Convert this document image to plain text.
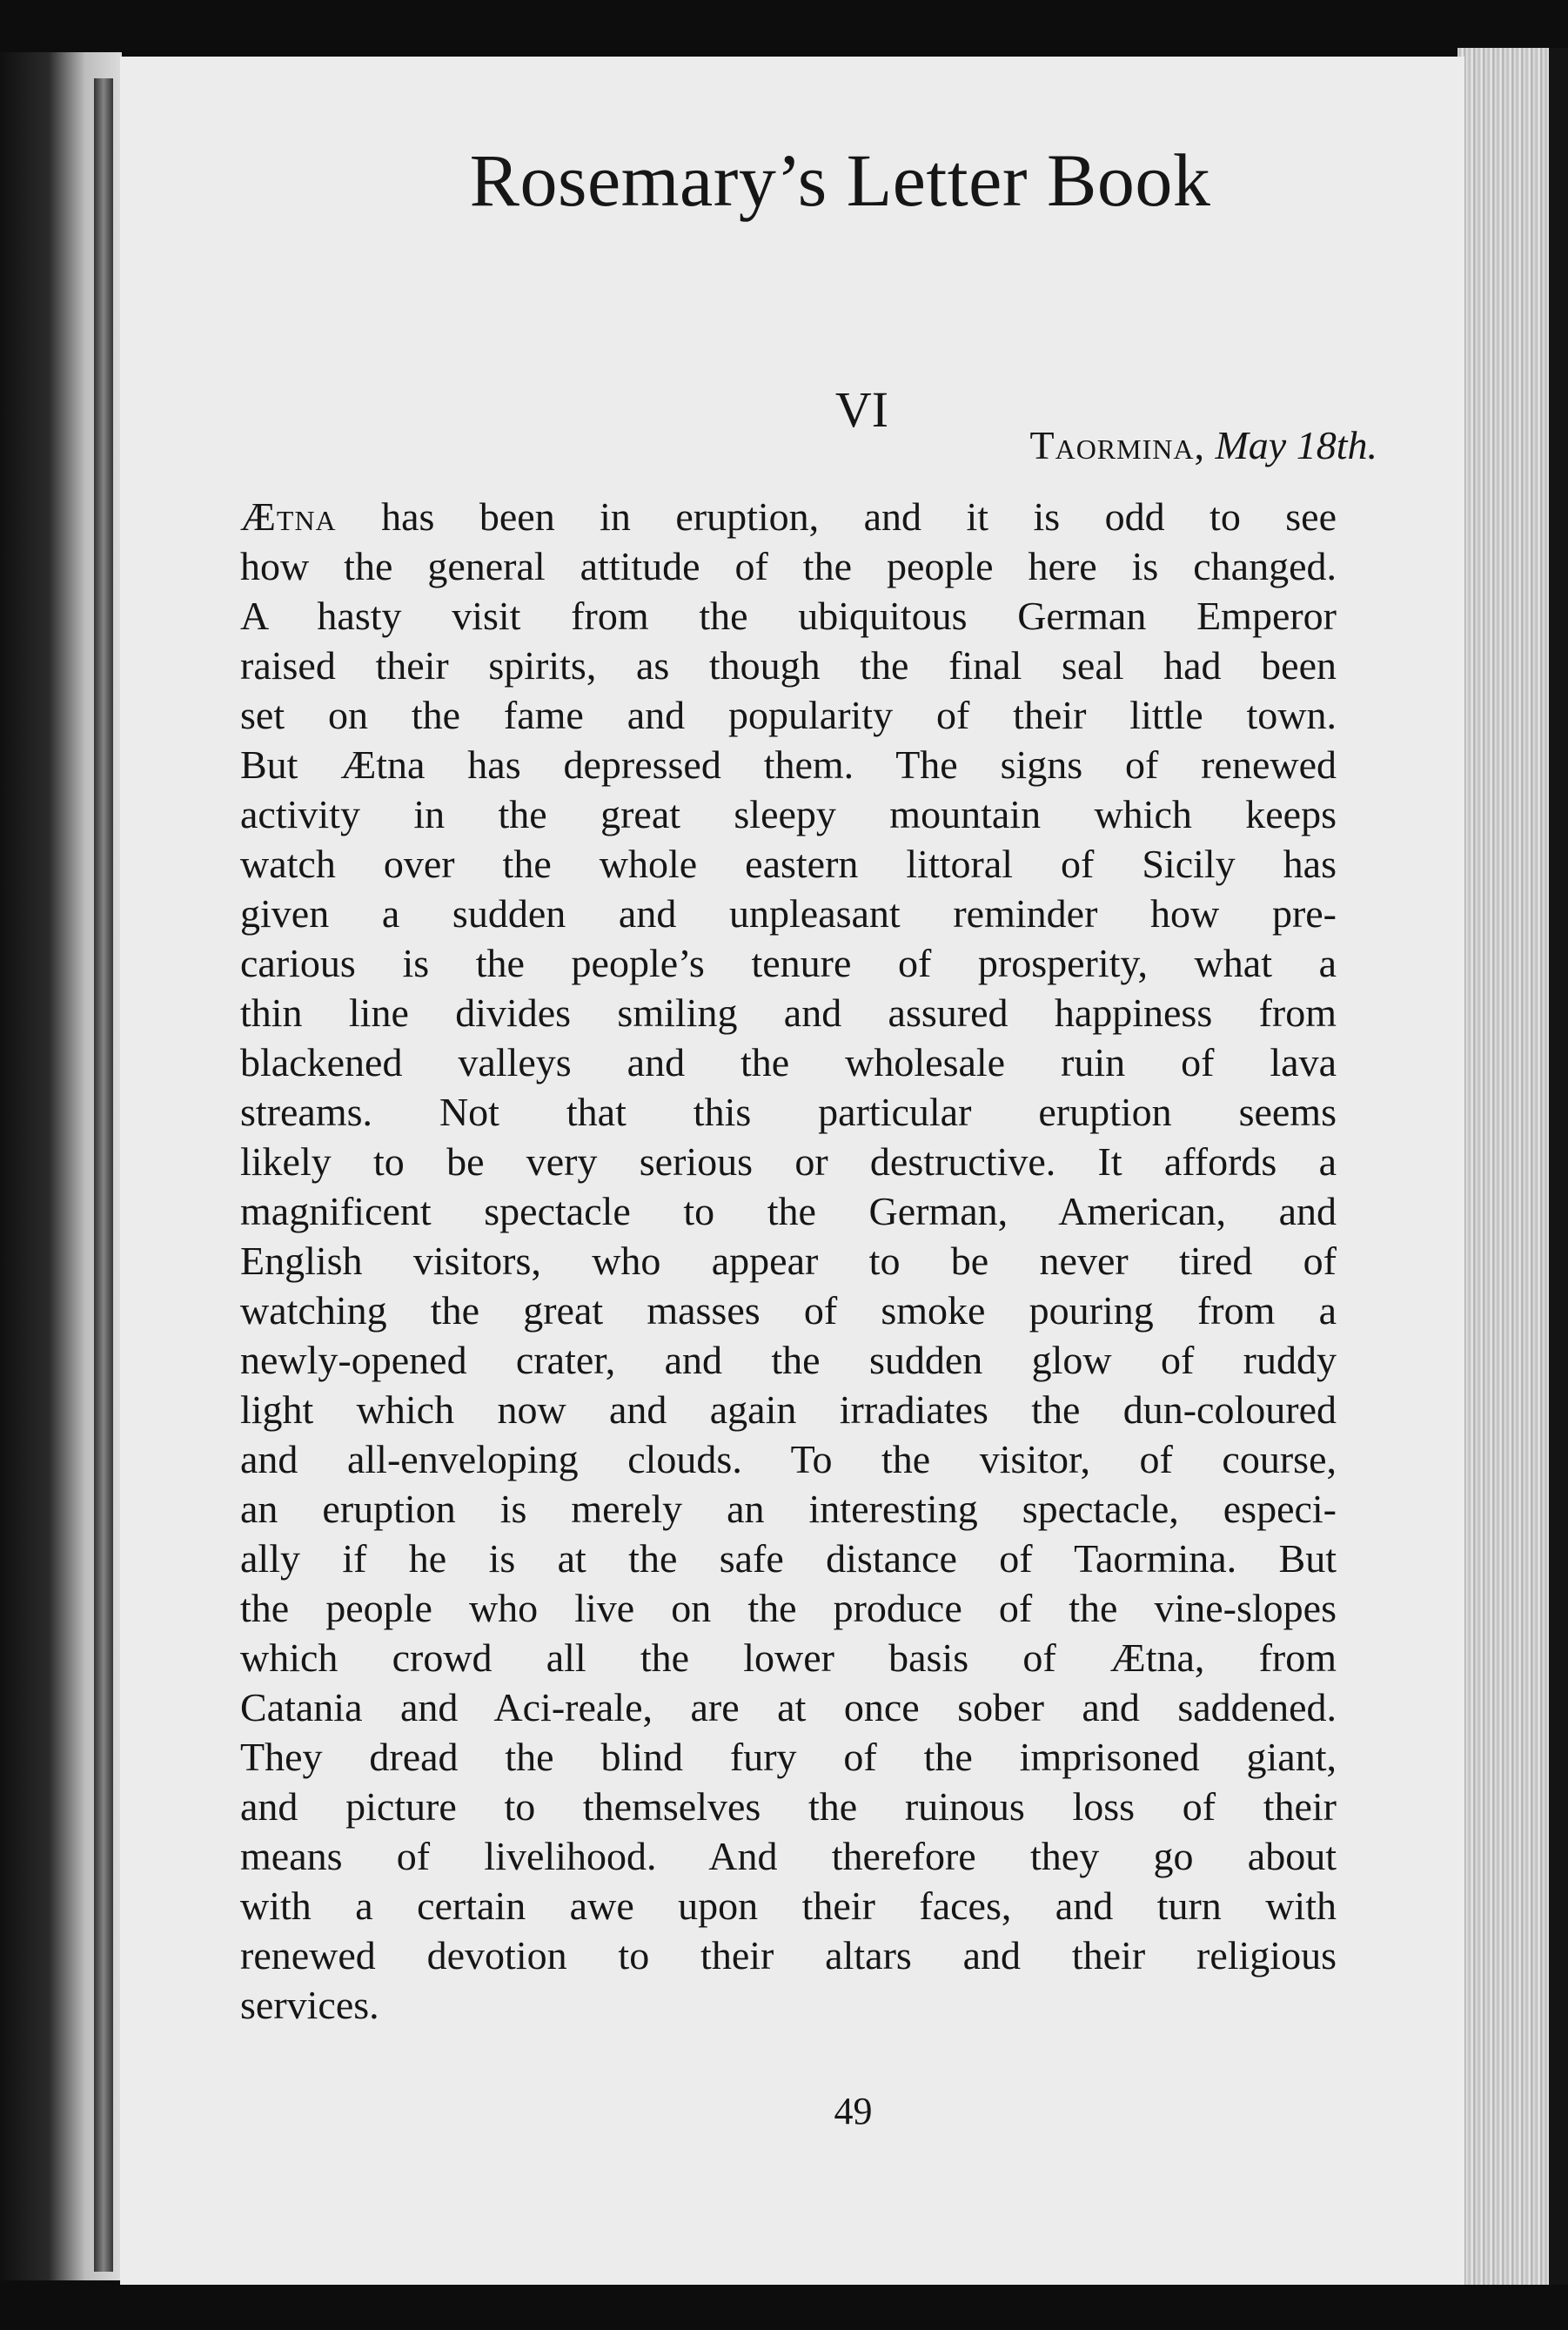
Rosemary’s Letter Book
VI
Taormina, May 18th.
Ætna has been in eruption, and it is odd to see
how the general attitude of the people here is changed.
A hasty visit from the ubiquitous German Emperor
raised their spirits, as though the final seal had been
set on the fame and popularity of their little town.
But Ætna has depressed them. The signs of renewed
activity in the great sleepy mountain which keeps
watch over the whole eastern littoral of Sicily has
given a sudden and unpleasant reminder how pre-
carious is the people’s tenure of prosperity, what a
thin line divides smiling and assured happiness from
blackened valleys and the wholesale ruin of lava
streams. Not that this particular eruption seems
likely to be very serious or destructive. It affords a
magnificent spectacle to the German, American, and
English visitors, who appear to be never tired of
watching the great masses of smoke pouring from a
newly-opened crater, and the sudden glow of ruddy
light which now and again irradiates the dun-coloured
and all-enveloping clouds. To the visitor, of course,
an eruption is merely an interesting spectacle, especi-
ally if he is at the safe distance of Taormina. But
the people who live on the produce of the vine-slopes
which crowd all the lower basis of Ætna, from
Catania and Aci-reale, are at once sober and saddened.
They dread the blind fury of the imprisoned giant,
and picture to themselves the ruinous loss of their
means of livelihood. And therefore they go about
with a certain awe upon their faces, and turn with
renewed devotion to their altars and their religious
services.
49
